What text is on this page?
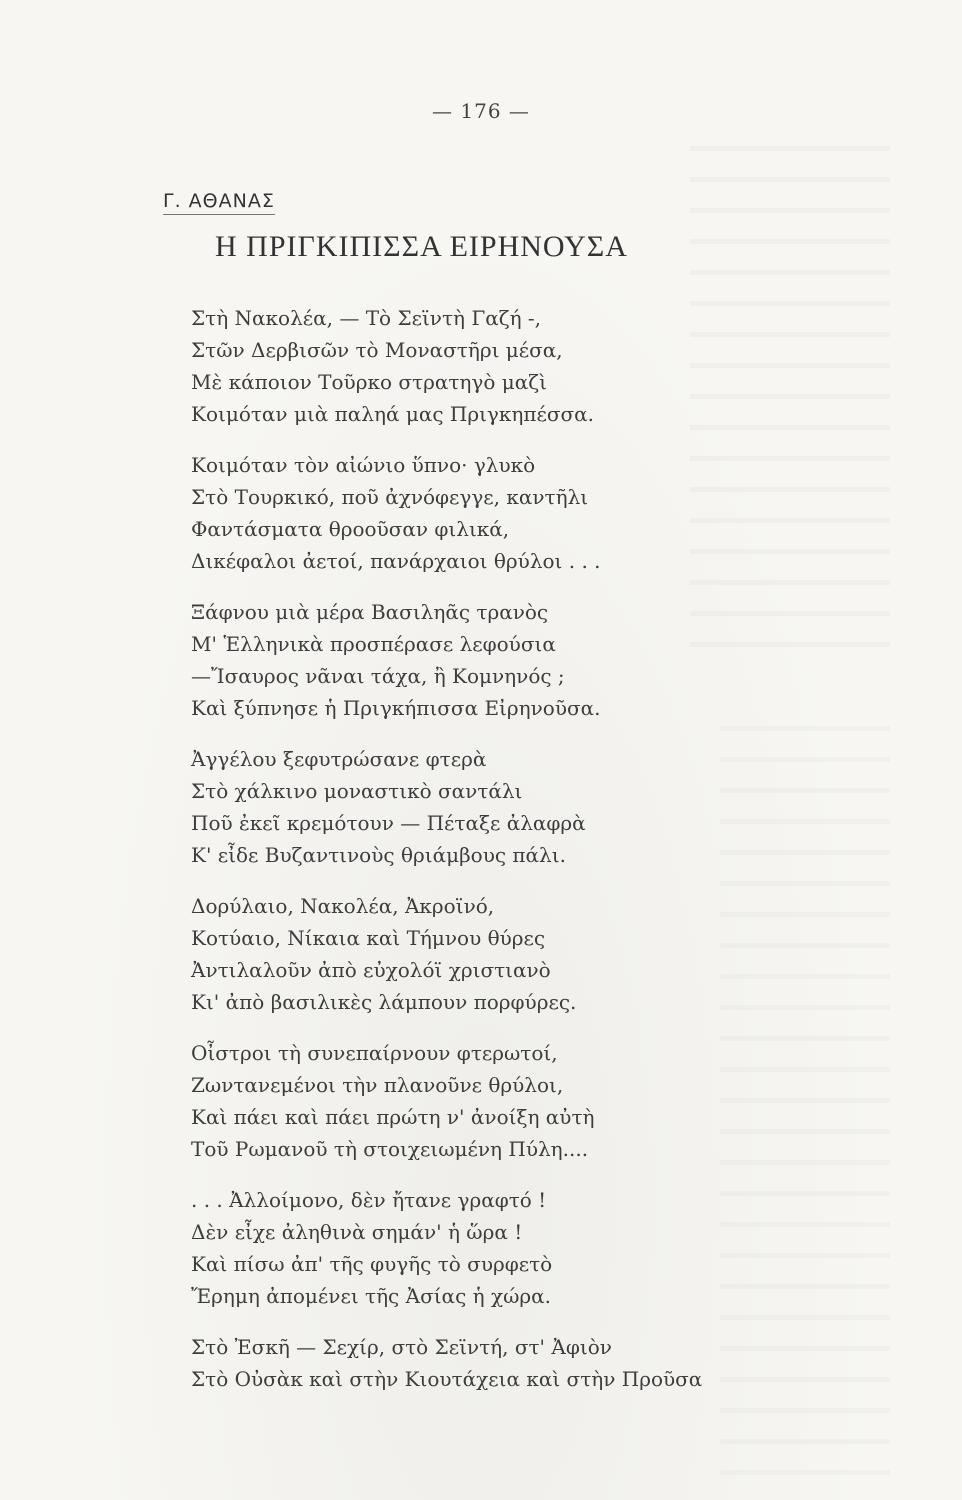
— 176 —
Γ. ΑΘΑΝΑΣ
Η ΠΡΙΓΚΙΠΙΣΣΑ ΕΙΡΗΝΟΥΣΑ
Στὴ Νακολέα, — Τὸ Σεϊντὴ Γαζή -,
Στῶν Δερβισῶν τὸ Μοναστῆρι μέσα,
Μὲ κάποιον Τοῦρκο στρατηγὸ μαζὶ
Κοιμόταν μιὰ παληά μας Πριγκηπέσσα.
Κοιμόταν τὸν αἰώνιο ὕπνο· γλυκὸ
Στὸ Τουρκικό, ποῦ ἀχνόφεγγε, καντῆλι
Φαντάσματα θροοῦσαν φιλικά,
Δικέφαλοι ἀετοί, πανάρχαιοι θρύλοι . . .
Ξάφνου μιὰ μέρα Βασιληᾶς τρανὸς
Μ' Ἑλληνικὰ προσπέρασε λεφούσια
—Ἴσαυρος νᾶναι τάχα, ἢ Κομνηνός ;
Καὶ ξύπνησε ἡ Πριγκήπισσα Εἰρηνοῦσα.
Ἀγγέλου ξεφυτρώσανε φτερὰ
Στὸ χάλκινο μοναστικὸ σαντάλι
Ποῦ ἐκεῖ κρεμότουν — Πέταξε ἀλαφρὰ
Κ' εἶδε Βυζαντινοὺς θριάμβους πάλι.
Δορύλαιο, Νακολέα, Ἀκροϊνό,
Κοτύαιο, Νίκαια καὶ Τήμνου θύρες
Ἀντιλαλοῦν ἀπὸ εὐχολόϊ χριστιανὸ
Κι' ἀπὸ βασιλικὲς λάμπουν πορφύρες.
Οἶστροι τὴ συνεπαίρνουν φτερωτοί,
Ζωντανεμένοι τὴν πλανοῦνε θρύλοι,
Καὶ πάει καὶ πάει πρώτη ν' ἀνοίξη αὐτὴ
Τοῦ Ρωμανοῦ τὴ στοιχειωμένη Πύλη....
. . . Ἀλλοίμονο, δὲν ἤτανε γραφτό !
Δὲν εἶχε ἀληθινὰ σημάν' ἡ ὥρα !
Καὶ πίσω ἀπ' τῆς φυγῆς τὸ συρφετὸ
Ἔρημη ἀπομένει τῆς Ἀσίας ἡ χώρα.
Στὸ Ἐσκῆ — Σεχίρ, στὸ Σεϊντή, στ' Ἀφιὸν
Στὸ Οὐσὰκ καὶ στὴν Κιουτάχεια καὶ στὴν Προῦσα
